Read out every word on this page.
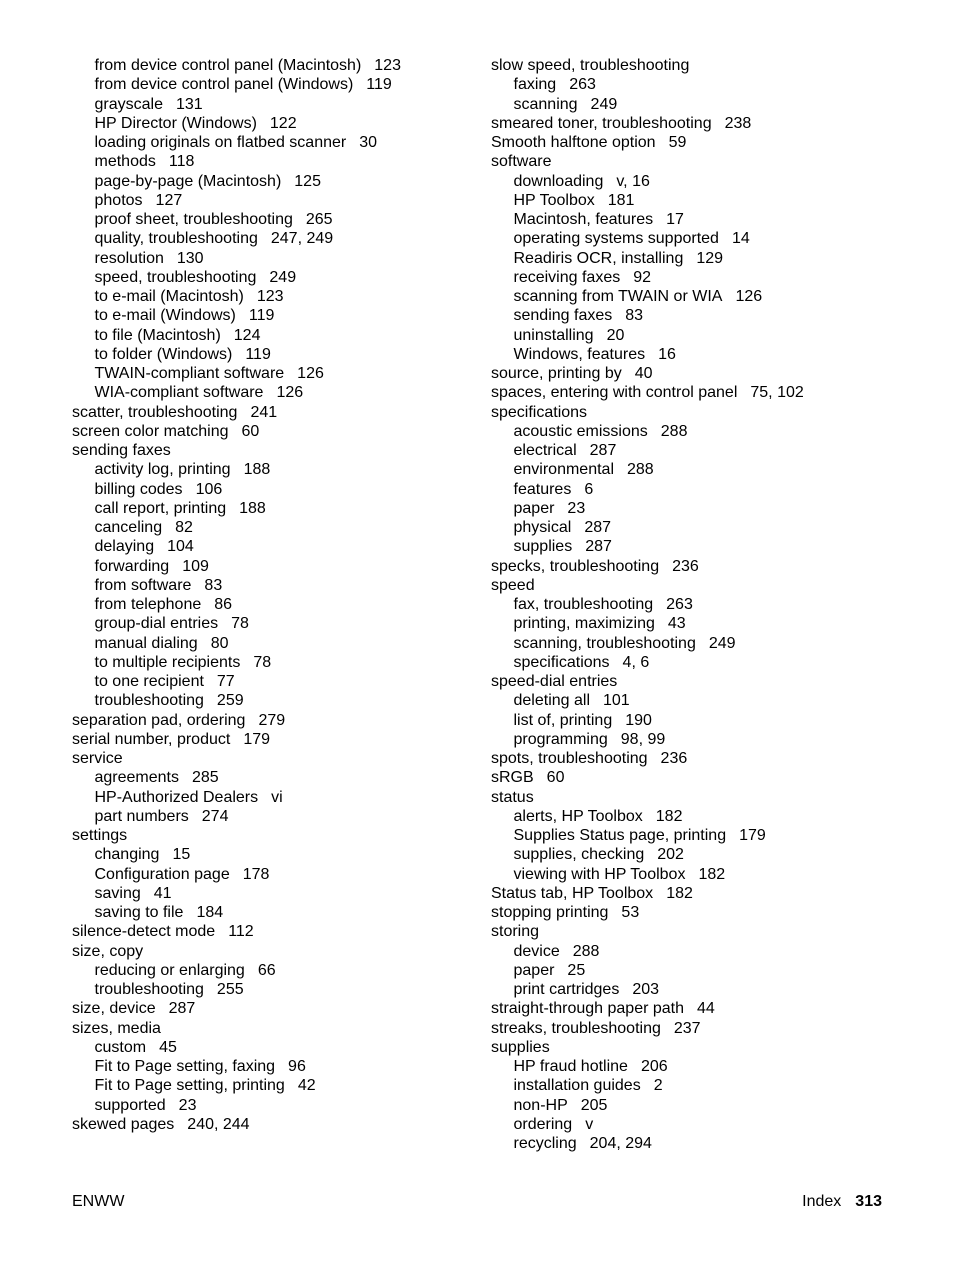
from device control panel (Macintosh) 123
from device control panel (Windows) 119
grayscale 131
HP Director (Windows) 122
loading originals on flatbed scanner 30
methods 118
page-by-page (Macintosh) 125
photos 127
proof sheet, troubleshooting 265
quality, troubleshooting 247, 249
resolution 130
speed, troubleshooting 249
to e-mail (Macintosh) 123
to e-mail (Windows) 119
to file (Macintosh) 124
to folder (Windows) 119
TWAIN-compliant software 126
WIA-compliant software 126
scatter, troubleshooting 241
screen color matching 60
sending faxes
activity log, printing 188
billing codes 106
call report, printing 188
canceling 82
delaying 104
forwarding 109
from software 83
from telephone 86
group-dial entries 78
manual dialing 80
to multiple recipients 78
to one recipient 77
troubleshooting 259
separation pad, ordering 279
serial number, product 179
service
agreements 285
HP-Authorized Dealers vi
part numbers 274
settings
changing 15
Configuration page 178
saving 41
saving to file 184
silence-detect mode 112
size, copy
reducing or enlarging 66
troubleshooting 255
size, device 287
sizes, media
custom 45
Fit to Page setting, faxing 96
Fit to Page setting, printing 42
supported 23
skewed pages 240, 244
slow speed, troubleshooting
faxing 263
scanning 249
smeared toner, troubleshooting 238
Smooth halftone option 59
software
downloading v, 16
HP Toolbox 181
Macintosh, features 17
operating systems supported 14
Readiris OCR, installing 129
receiving faxes 92
scanning from TWAIN or WIA 126
sending faxes 83
uninstalling 20
Windows, features 16
source, printing by 40
spaces, entering with control panel 75, 102
specifications
acoustic emissions 288
electrical 287
environmental 288
features 6
paper 23
physical 287
supplies 287
specks, troubleshooting 236
speed
fax, troubleshooting 263
printing, maximizing 43
scanning, troubleshooting 249
specifications 4, 6
speed-dial entries
deleting all 101
list of, printing 190
programming 98, 99
spots, troubleshooting 236
sRGB 60
status
alerts, HP Toolbox 182
Supplies Status page, printing 179
supplies, checking 202
viewing with HP Toolbox 182
Status tab, HP Toolbox 182
stopping printing 53
storing
device 288
paper 25
print cartridges 203
straight-through paper path 44
streaks, troubleshooting 237
supplies
HP fraud hotline 206
installation guides 2
non-HP 205
ordering v
recycling 204, 294
ENWW	Index 313
